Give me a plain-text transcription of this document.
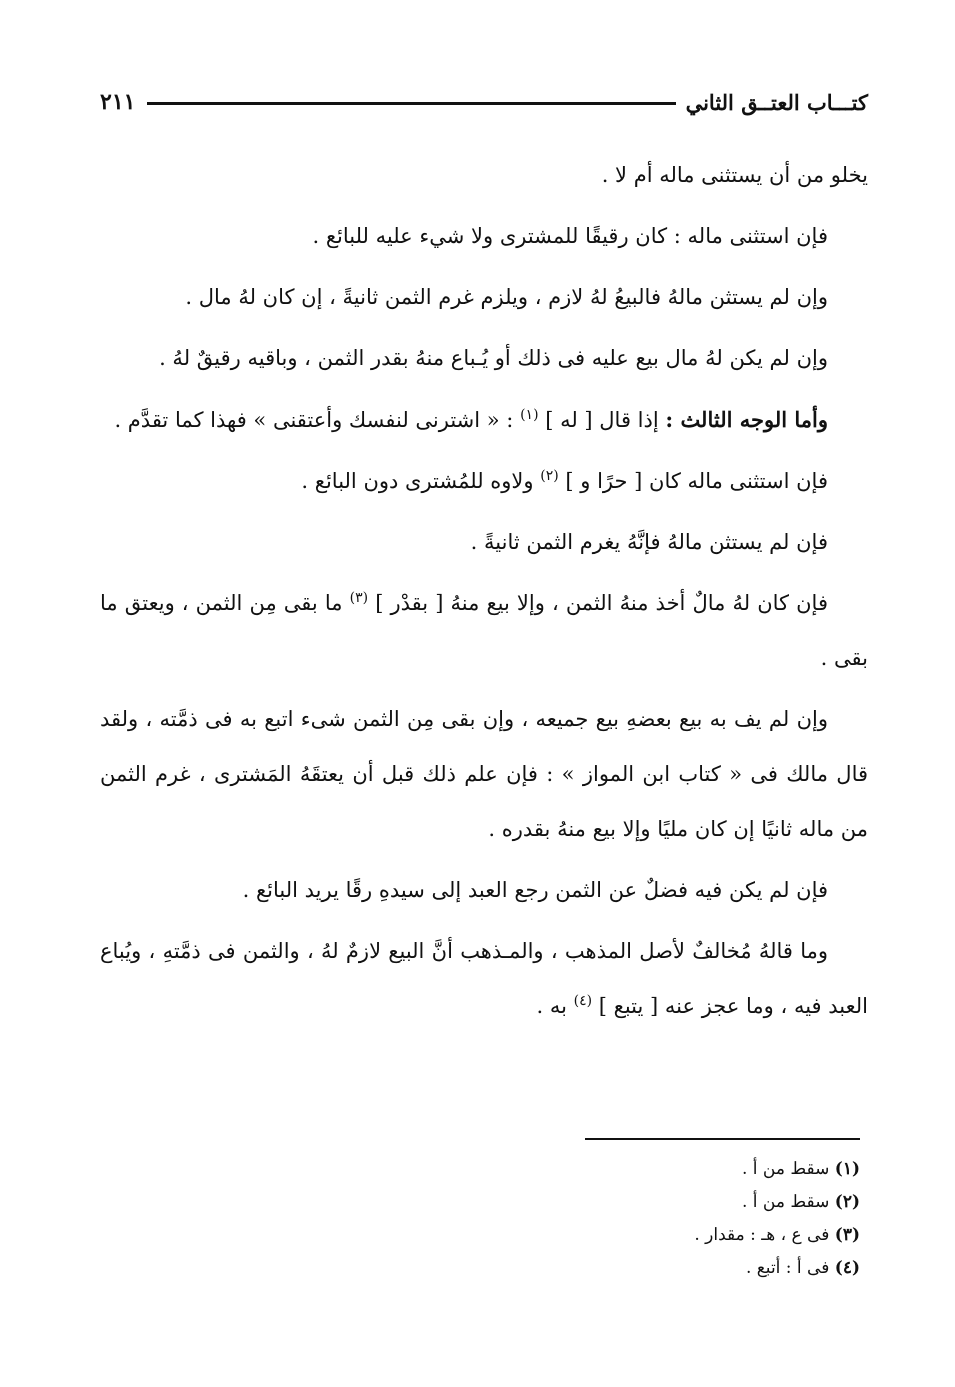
كتـــاب العتــق الثاني
٢١١

يخلو من أن يستثنى ماله أم لا .

فإن استثنى ماله : كان رقيقًا للمشترى ولا شيء عليه للبائع .

وإن لم يستثن مالهُ فالبيعُ لهُ لازم ، ويلزم غرم الثمن ثانيةً ، إن كان لهُ مال .

وإن لم يكن لهُ مال بيع عليه فى ذلك أو يُـباع منهُ بقدر الثمن ، وباقيه رقيقٌ لهُ .

وأما الوجه الثالث : إذا قال [ له ] $^{(١)}$ : « اشترنى لنفسك وأعتقنى » فهذا كما تقدَّم .

فإن استثنى ماله كان [ حرًا و ] $^{(٢)}$ ولاوه للمُشترى دون البائع .

فإن لم يستثن مالهُ فإنَّهُ يغرم الثمن ثانيةً .

فإن كان لهُ مالٌ أخذ منهُ الثمن ، وإلا بيع منهُ [ بقدْر ] $^{(٣)}$ ما بقى مِن الثمن ، ويعتق ما بقى .

وإن لم يف به بيع بعضهِ بيع جميعه ، وإن بقى مِن الثمن شىء اتبع به فى ذمَّته ، ولقد قال مالك فى « كتاب ابن المواز » : فإن علم ذلك قبل أن يعتقَهُ المَشترى ، غرم الثمن من ماله ثانيًا إن كان مليًا وإلا بيع منهُ بقدره .

فإن لم يكن فيه فضلٌ عن الثمن رجع العبد إلى سيدهِ رقًا يريد البائع .

وما قالهُ مُخالفٌ لأصل المذهب ، والمـذهب أنَّ البيع لازمٌ لهُ ، والثمن فى ذمَّتهِ ، ويُباع العبد فيه ، وما عجز عنه [ يتبع ] $^{(٤)}$ به .

(١) سقط من أ .
(٢) سقط من أ .
(٣) فى ع ، هـ : مقدار .
(٤) فى أ : أتبع .
